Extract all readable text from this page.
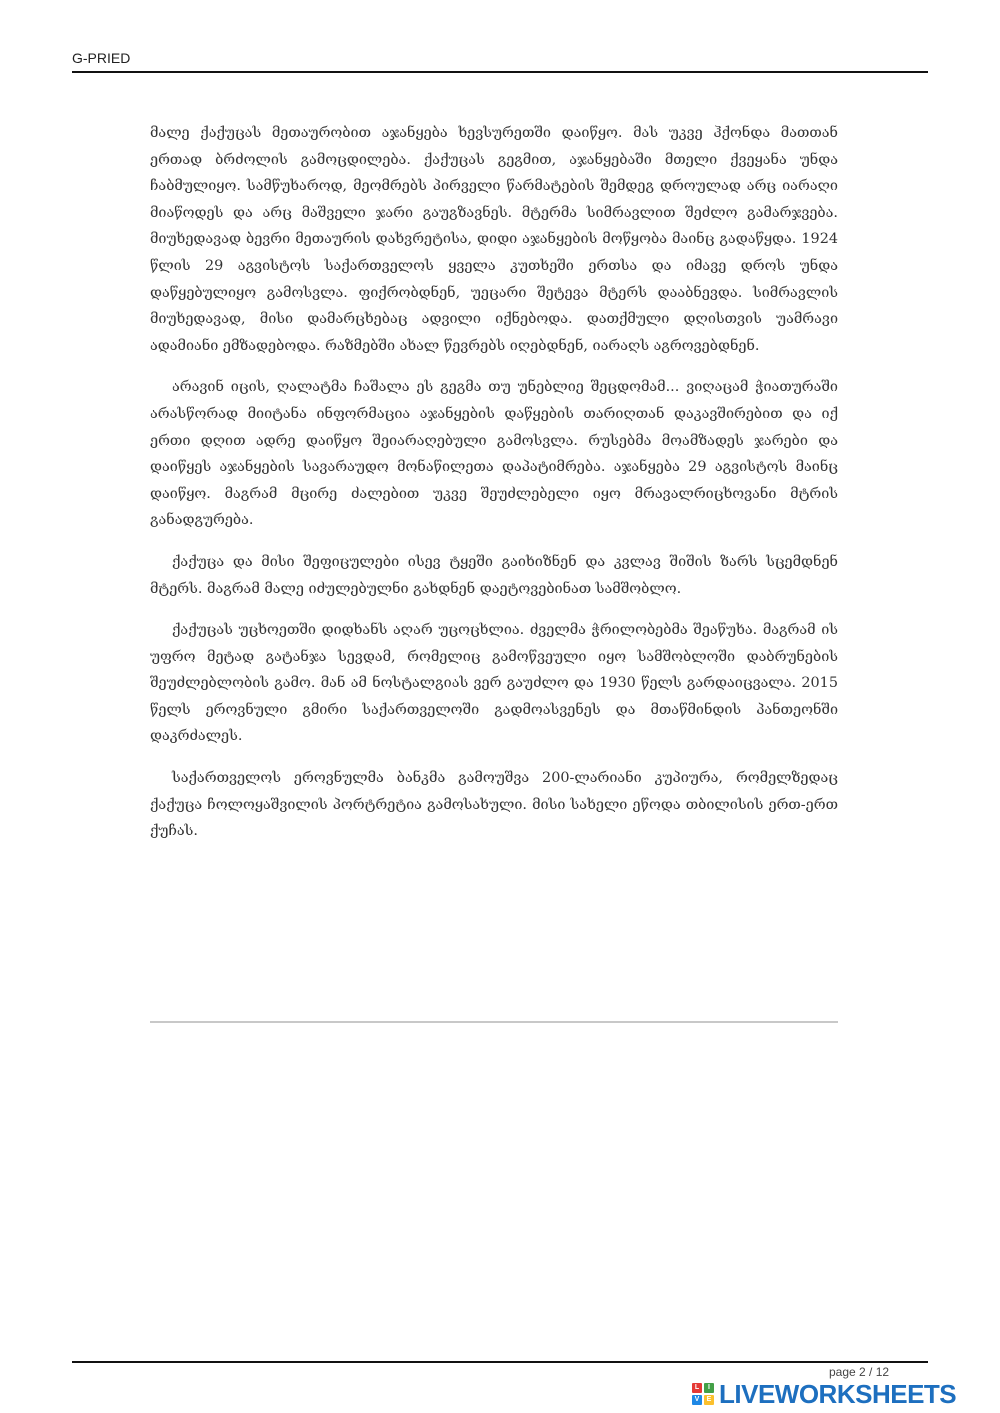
G-PRIED

მალე ქაქუცას მეთაურობით აჯანყება ხევსურეთში დაიწყო. მას უკვე ჰქონდა მათთან ერთად ბრძოლის გამოცდილება. ქაქუცას გეგმით, აჯანყებაში მთელი ქვეყანა უნდა ჩაბმულიყო. სამწუხაროდ, მეომრებს პირველი წარმატების შემდეგ დროულად არც იარაღი მიაწოდეს და არც მაშველი ჯარი გაუგზავნეს. მტერმა სიმრავლით შეძლო გამარჯვება. მიუხედავად ბევრი მეთაურის დახვრეტისა, დიდი აჯანყების მოწყობა მაინც გადაწყდა. 1924 წლის 29 აგვისტოს საქართველოს ყველა კუთხეში ერთსა და იმავე დროს უნდა დაწყებულიყო გამოსვლა. ფიქრობდნენ, უეცარი შეტევა მტერს დააბნევდა. სიმრავლის მიუხედავად, მისი დამარცხებაც ადვილი იქნებოდა. დათქმული დღისთვის უამრავი ადამიანი ემზადებოდა. რაზმებში ახალ წევრებს იღებდნენ, იარაღს აგროვებდნენ.

არავინ იცის, ღალატმა ჩაშალა ეს გეგმა თუ უნებლიე შეცდომამ... ვიღაცამ ჭიათურაში არასწორად მიიტანა ინფორმაცია აჯანყების დაწყების თარიღთან დაკავშირებით და იქ ერთი დღით ადრე დაიწყო შეიარაღებული გამოსვლა. რუსებმა მოამზადეს ჯარები და დაიწყეს აჯანყების სავარაუდო მონაწილეთა დაპატიმრება. აჯანყება 29 აგვისტოს მაინც დაიწყო. მაგრამ მცირე ძალებით უკვე შეუძლებელი იყო მრავალრიცხოვანი მტრის განადგურება.

ქაქუცა და მისი შეფიცულები ისევ ტყეში გაიხიზნენ და კვლავ შიშის ზარს სცემდნენ მტერს. მაგრამ მალე იძულებულნი გახდნენ დაეტოვებინათ სამშობლო.

ქაქუცას უცხოეთში დიდხანს აღარ უცოცხლია. ძველმა ჭრილობებმა შეაწუხა. მაგრამ ის უფრო მეტად გატანჯა სევდამ, რომელიც გამოწვეული იყო სამშობლოში დაბრუნების შეუძლებლობის გამო. მან ამ ნოსტალგიას ვერ გაუძლო და 1930 წელს გარდაიცვალა. 2015 წელს ეროვნული გმირი საქართველოში გადმოასვენეს და მთაწმინდის პანთეონში დაკრძალეს.

საქართველოს ეროვნულმა ბანკმა გამოუშვა 200-ლარიანი კუპიურა, რომელზედაც ქაქუცა ჩოლოყაშვილის პორტრეტია გამოსახული. მისი სახელი ეწოდა თბილისის ერთ-ერთ ქუჩას.

page 2 / 12
L	I
V	E LIVEWORKSHEETS
